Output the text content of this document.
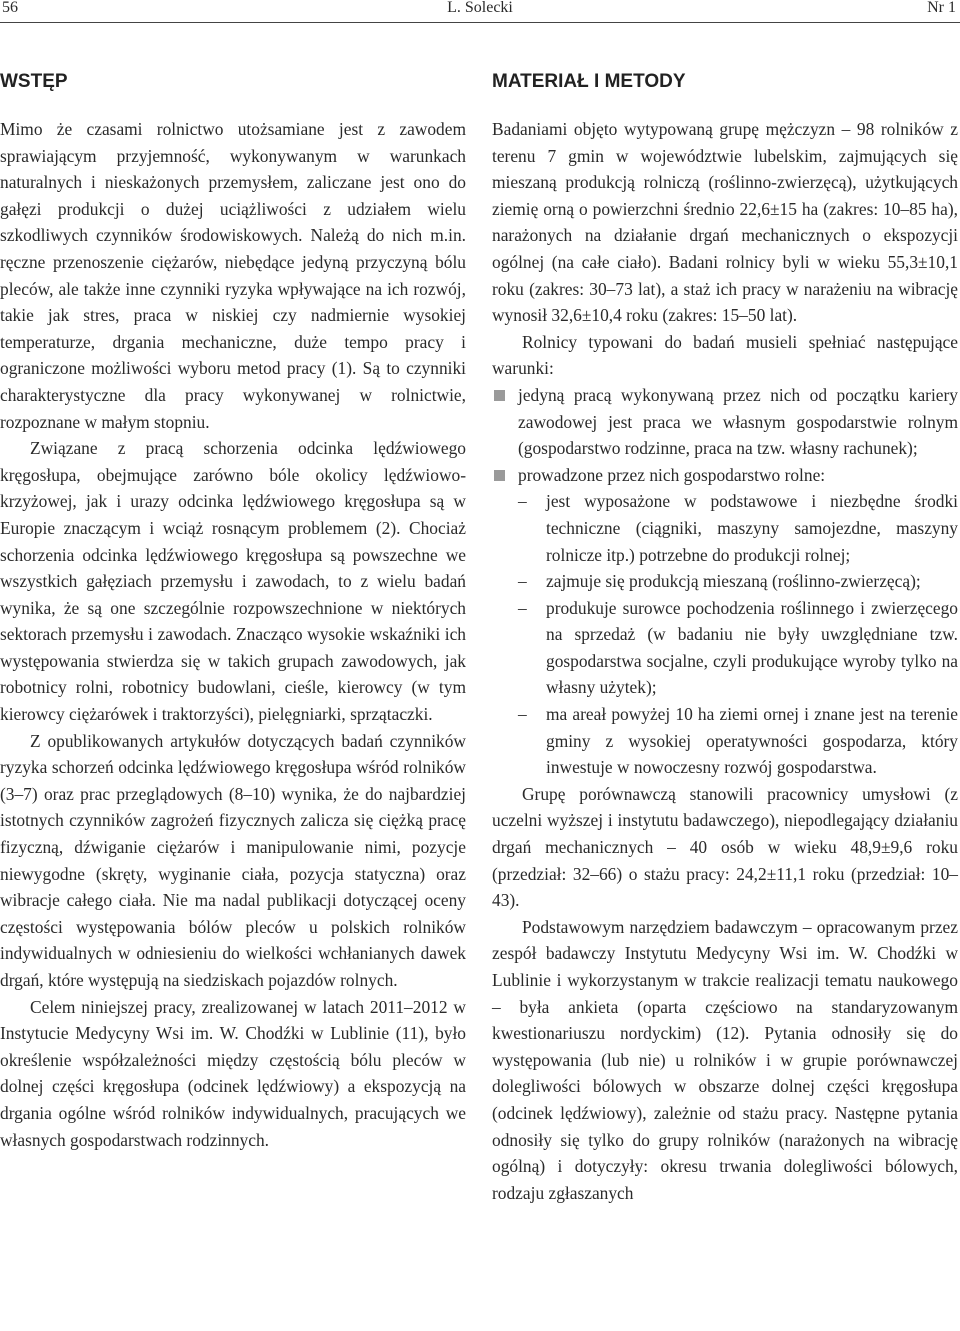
56	L. Solecki	Nr 1
WSTĘP

Mimo że czasami rolnictwo utożsamiane jest z zawodem sprawiającym przyjemność, wykonywanym w warunkach naturalnych i nieskażonych przemysłem, zaliczane jest ono do gałęzi produkcji o dużej uciążliwości z udziałem wielu szkodliwych czynników środowiskowych. Należą do nich m.in. ręczne przenoszenie ciężarów, niebędące jedyną przyczyną bólu pleców, ale także inne czynniki ryzyka wpływające na ich rozwój, takie jak stres, praca w niskiej czy nadmiernie wysokiej temperaturze, drgania mechaniczne, duże tempo pracy i ograniczone możliwości wyboru metod pracy (1). Są to czynniki charakterystyczne dla pracy wykonywanej w rolnictwie, rozpoznane w małym stopniu.

Związane z pracą schorzenia odcinka lędźwiowego kręgosłupa, obejmujące zarówno bóle okolicy lędźwiowo-krzyżowej, jak i urazy odcinka lędźwiowego kręgosłupa są w Europie znaczącym i wciąż rosnącym problemem (2). Chociaż schorzenia odcinka lędźwiowego kręgosłupa są powszechne we wszystkich gałęziach przemysłu i zawodach, to z wielu badań wynika, że są one szczególnie rozpowszechnione w niektórych sektorach przemysłu i zawodach. Znacząco wysokie wskaźniki ich występowania stwierdza się w takich grupach zawodowych, jak robotnicy rolni, robotnicy budowlani, cieśle, kierowcy (w tym kierowcy ciężarówek i traktorzyści), pielęgniarki, sprzątaczki.

Z opublikowanych artykułów dotyczących badań czynników ryzyka schorzeń odcinka lędźwiowego kręgosłupa wśród rolników (3–7) oraz prac przeglądowych (8–10) wynika, że do najbardziej istotnych czynników zagrożeń fizycznych zalicza się ciężką pracę fizyczną, dźwiganie ciężarów i manipulowanie nimi, pozycje niewygodne (skręty, wyginanie ciała, pozycja statyczna) oraz wibracje całego ciała. Nie ma nadal publikacji dotyczącej oceny częstości występowania bólów pleców u polskich rolników indywidualnych w odniesieniu do wielkości wchłanianych dawek drgań, które występują na siedziskach pojazdów rolnych.

Celem niniejszej pracy, zrealizowanej w latach 2011–2012 w Instytucie Medycyny Wsi im. W. Chodźki w Lublinie (11), było określenie współzależności między częstością bólu pleców w dolnej części kręgosłupa (odcinek lędźwiowy) a ekspozycją na drgania ogólne wśród rolników indywidualnych, pracujących we własnych gospodarstwach rodzinnych.

MATERIAŁ I METODY

Badaniami objęto wytypowaną grupę mężczyzn – 98 rolników z terenu 7 gmin w województwie lubelskim, zajmujących się mieszaną produkcją rolniczą (roślinno-zwierzęcą), użytkujących ziemię orną o powierzchni średnio 22,6±15 ha (zakres: 10–85 ha), narażonych na działanie drgań mechanicznych o ekspozycji ogólnej (na całe ciało). Badani rolnicy byli w wieku 55,3±10,1 roku (zakres: 30–73 lat), a staż ich pracy w narażeniu na wibrację wynosił 32,6±10,4 roku (zakres: 15–50 lat).

Rolnicy typowani do badań musieli spełniać następujące warunki:

jedyną pracą wykonywaną przez nich od początku kariery zawodowej jest praca we własnym gospodarstwie rolnym (gospodarstwo rodzinne, praca na tzw. własny rachunek);
prowadzone przez nich gospodarstwo rolne:
– jest wyposażone w podstawowe i niezbędne środki techniczne (ciągniki, maszyny samojezdne, maszyny rolnicze itp.) potrzebne do produkcji rolnej;
– zajmuje się produkcją mieszaną (roślinno-zwierzęcą);
– produkuje surowce pochodzenia roślinnego i zwierzęcego na sprzedaż (w badaniu nie były uwzględniane tzw. gospodarstwa socjalne, czyli produkujące wyroby tylko na własny użytek);
– ma areał powyżej 10 ha ziemi ornej i znane jest na terenie gminy z wysokiej operatywności gospodarza, który inwestuje w nowoczesny rozwój gospodarstwa.

Grupę porównawczą stanowili pracownicy umysłowi (z uczelni wyższej i instytutu badawczego), niepodlegający działaniu drgań mechanicznych – 40 osób w wieku 48,9±9,6 roku (przedział: 32–66) o stażu pracy: 24,2±11,1 roku (przedział: 10–43).

Podstawowym narzędziem badawczym – opracowanym przez zespół badawczy Instytutu Medycyny Wsi im. W. Chodźki w Lublinie i wykorzystanym w trakcie realizacji tematu naukowego – była ankieta (oparta częściowo na standaryzowanym kwestionariuszu nordyckim) (12). Pytania odnosiły się do występowania (lub nie) u rolników i w grupie porównawczej dolegliwości bólowych w obszarze dolnej części kręgosłupa (odcinek lędźwiowy), zależnie od stażu pracy. Następne pytania odnosiły się tylko do grupy rolników (narażonych na wibrację ogólną) i dotyczyły: okresu trwania dolegliwości bólowych, rodzaju zgłaszanych
